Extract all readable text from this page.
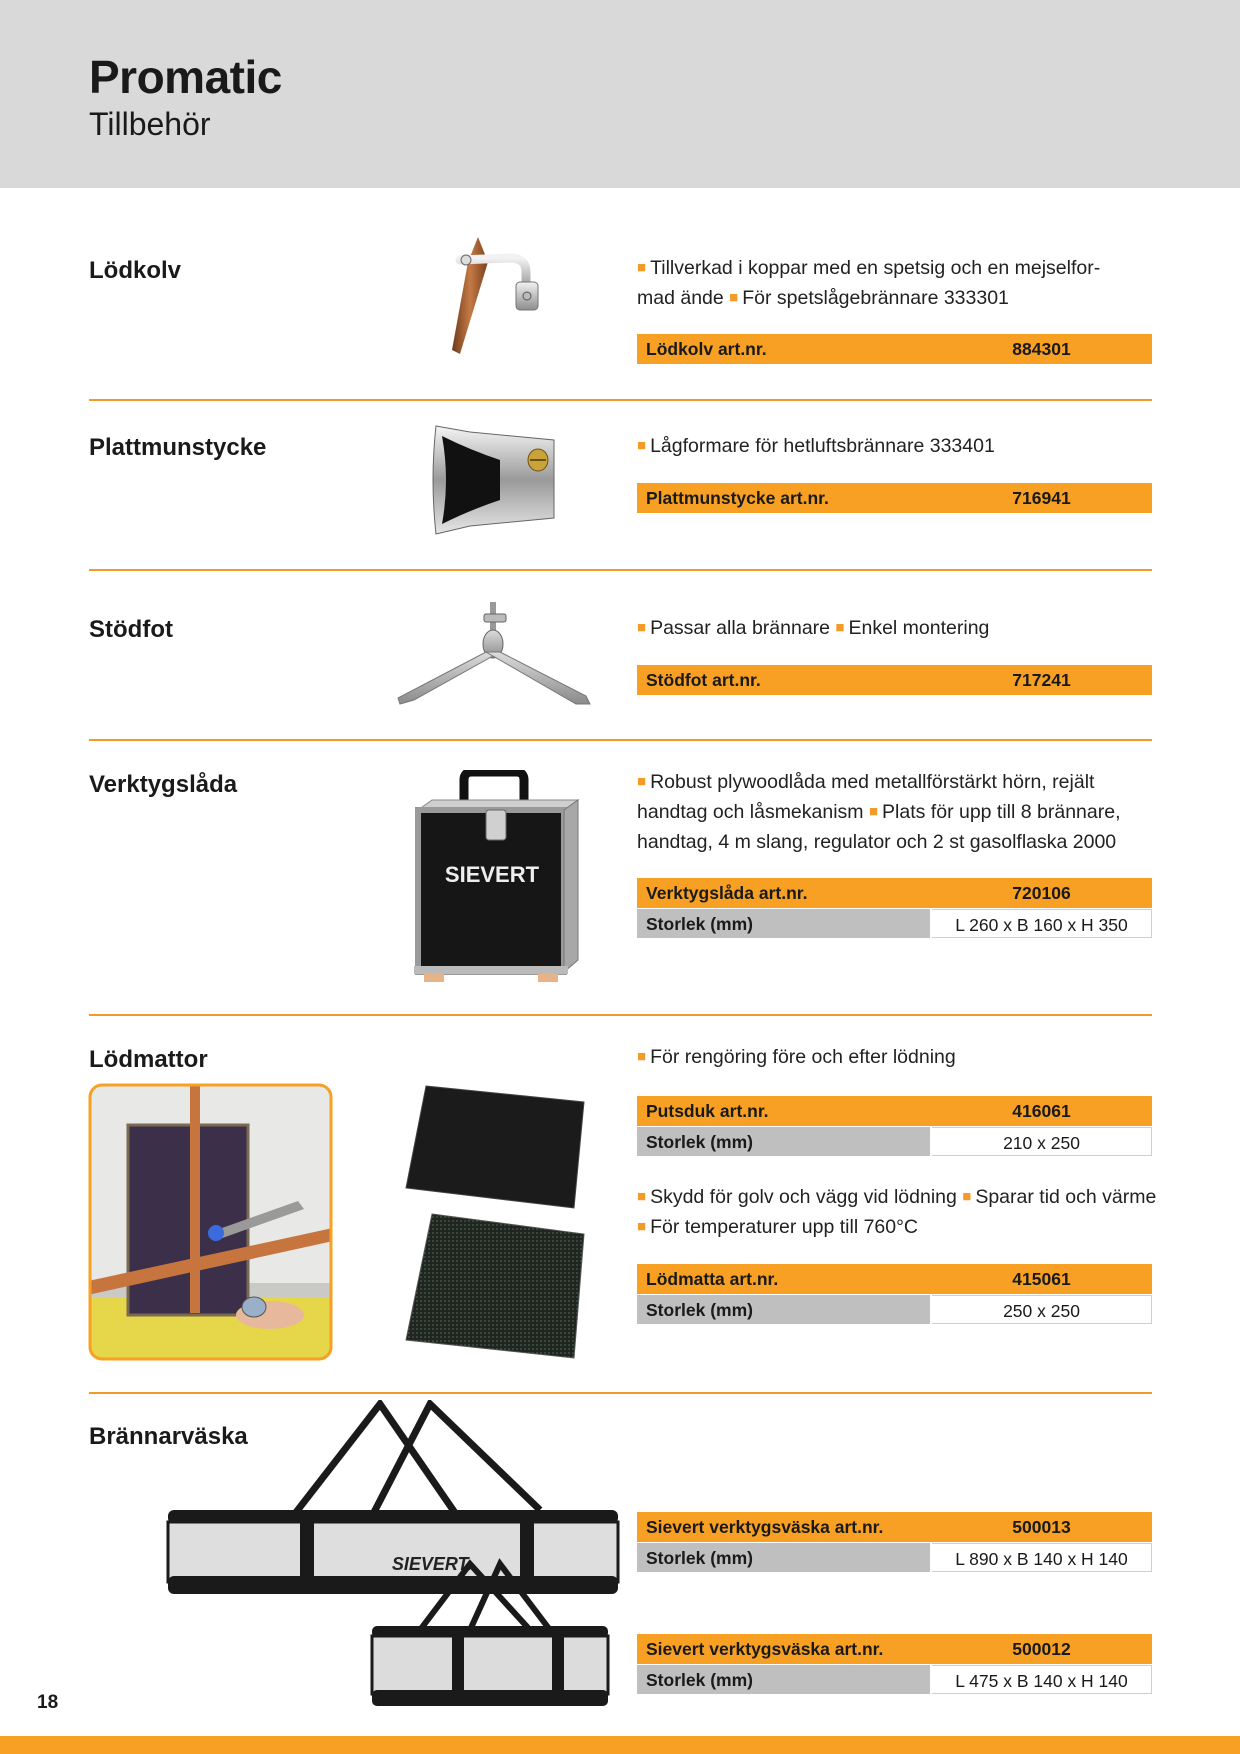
Promatic
Tillbehör
Lödkolv	■ Tillverkad i koppar med en spetsig och en mejselfor-
mad ände ■ För spetslågebrännare 333301
Lödkolv art.nr.	884301
Plattmunstycke	■ Lågformare för hetluftsbrännare 333401
Plattmunstycke art.nr.	716941
Stödfot	■ Passar alla brännare ■ Enkel montering
Stödfot art.nr.	717241
Verktygslåda
SIEVERT
■ Robust plywoodlåda med metallförstärkt hörn, rejält
handtag och låsmekanism ■ Plats för upp till 8 brännare,
handtag, 4 m slang, regulator och 2 st gasolflaska 2000
Verktygslåda art.nr.	720106
Storlek (mm)	L 260 x B 160 x H 350
Lödmattor	■ För rengöring före och efter lödning
Putsduk art.nr.	416061
Storlek (mm)	210 x 250
■ Skydd för golv och vägg vid lödning ■ Sparar tid och värme
■ För temperaturer upp till 760°C
Lödmatta art.nr.	415061
Storlek (mm)	250 x 250
Brännarväska
SIEVERT.
Sievert verktygsväska art.nr.	500013
Storlek (mm)	L 890 x B 140 x H 140
Sievert verktygsväska art.nr.	500012
Storlek (mm)	L 475 x B 140 x H 140
18
